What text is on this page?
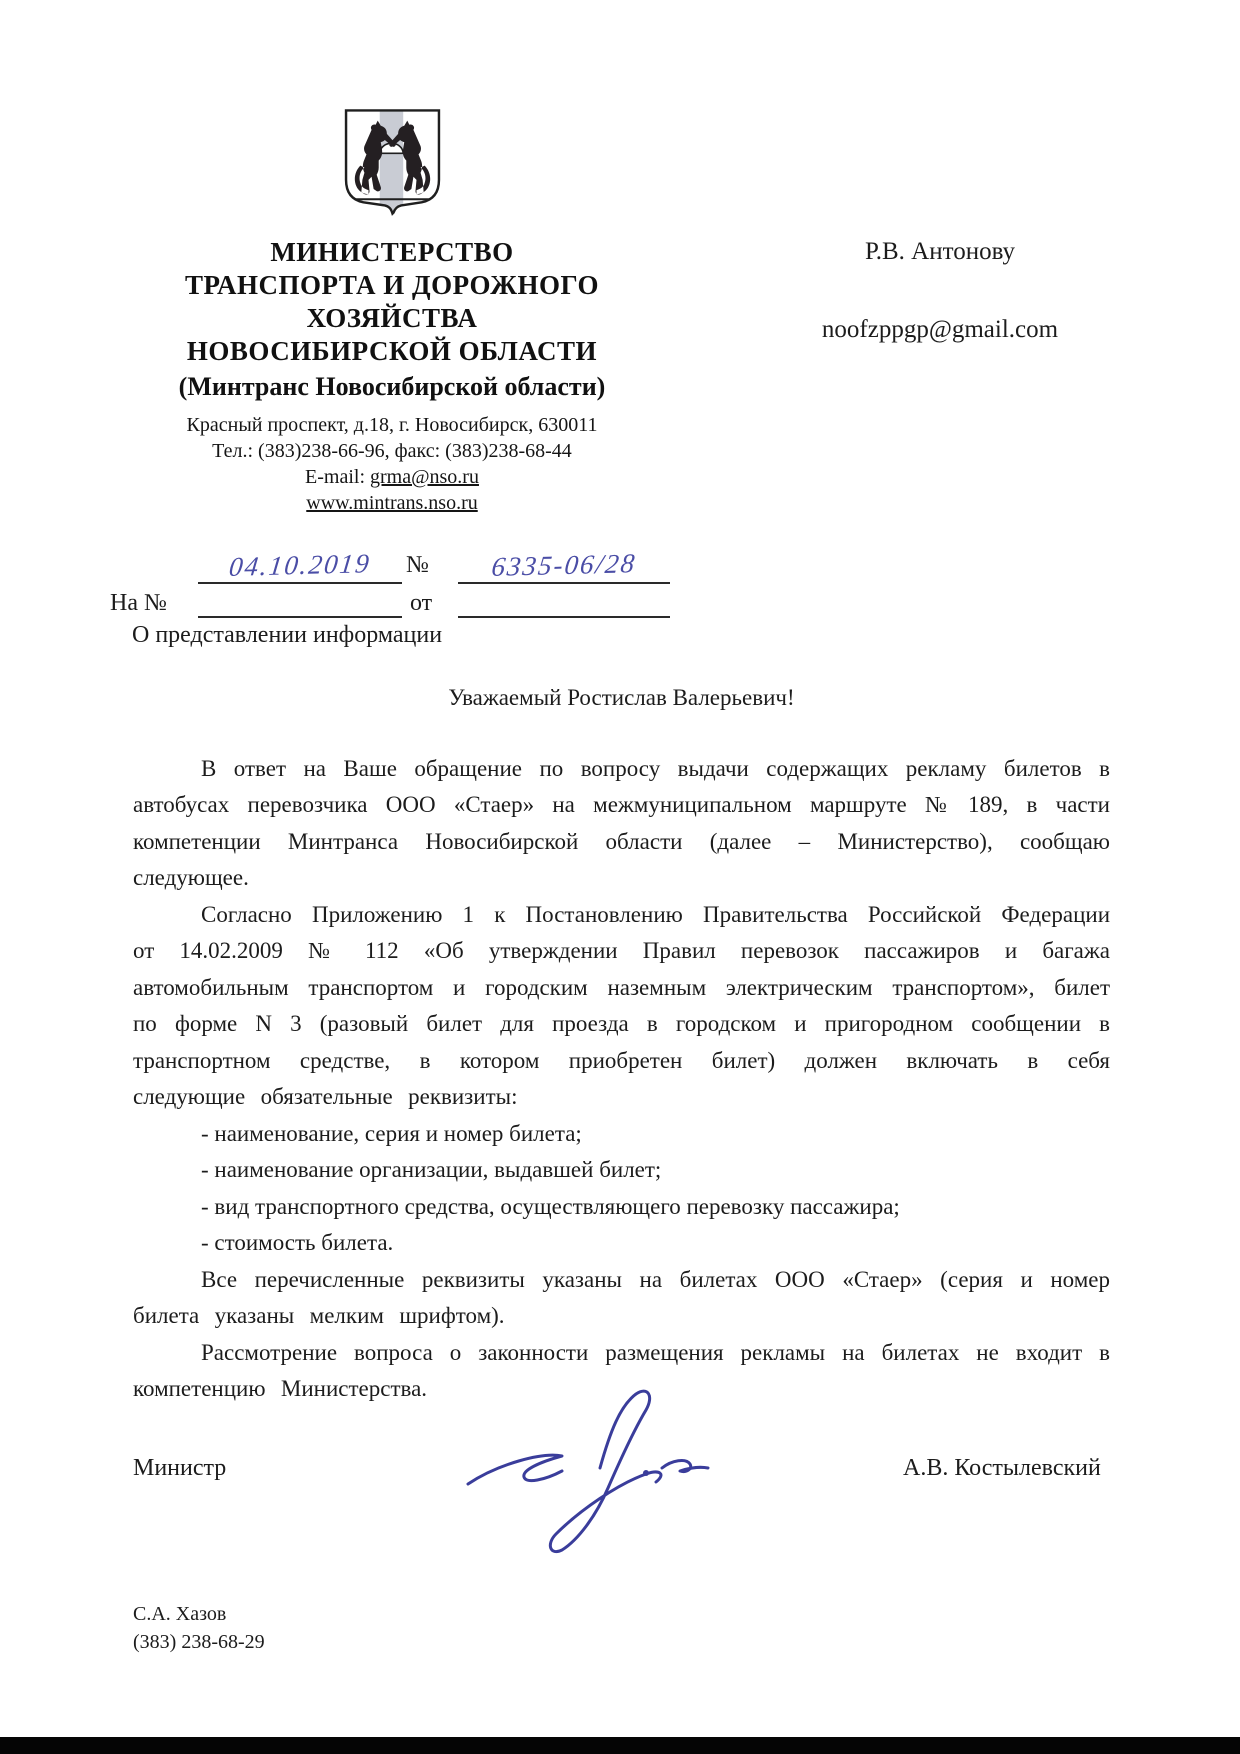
МИНИСТЕРСТВО
ТРАНСПОРТА И ДОРОЖНОГО
ХОЗЯЙСТВА
НОВОСИБИРСКОЙ ОБЛАСТИ
(Минтранс Новосибирской области)
Красный проспект, д.18, г. Новосибирск, 630011
Тел.: (383)238-66-96, факс: (383)238-68-44
E-mail: grma@nso.ru
www.mintrans.nso.ru
Р.В. Антонову
noofzppgp@gmail.com
04.10.2019	№	6335-06/28
На №	от
О представлении информации
Уважаемый Ростислав Валерьевич!

В ответ на Ваше обращение по вопросу выдачи содержащих рекламу билетов в автобусах перевозчика ООО «Стаер» на межмуниципальном маршруте № 189, в части компетенции Минтранса Новосибирской области (далее – Министерство), сообщаю следующее.

Согласно Приложению 1 к Постановлению Правительства Российской Федерации от 14.02.2009 № 112 «Об утверждении Правил перевозок пассажиров и багажа автомобильным транспортом и городским наземным электрическим транспортом», билет по форме N 3 (разовый билет для проезда в городском и пригородном сообщении в транспортном средстве, в котором приобретен билет) должен включать в себя следующие обязательные реквизиты:

- наименование, серия и номер билета;
- наименование организации, выдавшей билет;
- вид транспортного средства, осуществляющего перевозку пассажира;
- стоимость билета.

Все перечисленные реквизиты указаны на билетах ООО «Стаер» (серия и номер билета указаны мелким шрифтом).

Рассмотрение вопроса о законности размещения рекламы на билетах не входит в компетенцию Министерства.

Министр	А.В. Костылевский
С.А. Хазов
(383) 238-68-29
